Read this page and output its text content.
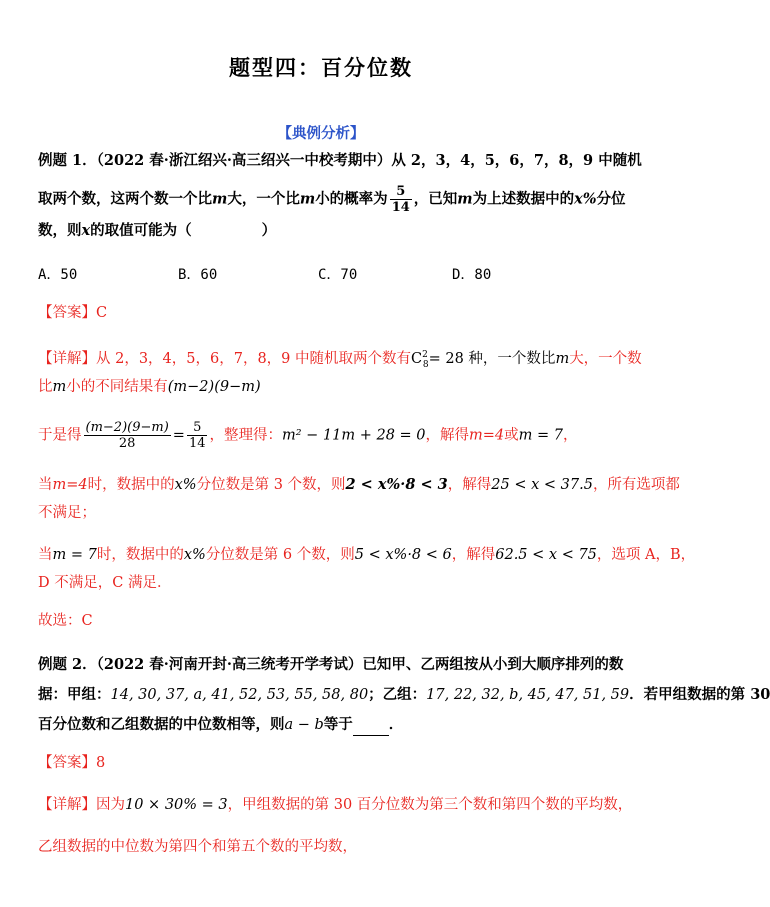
题型四：百分位数
【典例分析】
例题 1．（2022 春·浙江绍兴·高三绍兴一中校考期中）从 2，3，4，5，6，7，8，9 中随机
取两个数，这两个数一个比m大，一个比m小的概率为 $\frac{5}{14}$ ，已知m为上述数据中的x%分位
数，则x的取值可能为（	）
A．50	B．60	C．70	D．80
【答案】C
【详解】从 2，3，4，5，6，7，8，9 中随机取两个数有$C^2_8= 28$ 种，一个数比m大，一个数
比m小的不同结果有(m−2)(9−m)
于是得 $\frac{(m-2)(9-m)}{28} = \frac{5}{14}$ ，整理得：m² − 11m + 28 = 0，解得m=4或m = 7，
当m=4时，数据中的x%分位数是第 3 个数，则2 < x%·8 < 3，解得25 < x < 37.5，所有选项都
不满足；
当m = 7时，数据中的x%分位数是第 6 个数，则5 < x%·8 < 6，解得62.5 < x < 75，选项 A，B，
D 不满足，C 满足．
故选：C
例题 2．（2022 春·河南开封·高三统考开学考试）已知甲、乙两组按从小到大顺序排列的数
据：甲组：14, 30, 37, a, 41, 52, 53, 55, 58, 80；乙组：17, 22, 32, b, 45, 47, 51, 59．若甲组数据的第 30
百分位数和乙组数据的中位数相等，则a − b等于 ．
【答案】8
【详解】因为10 × 30% = 3，甲组数据的第 30 百分位数为第三个数和第四个数的平均数，
乙组数据的中位数为第四个和第五个数的平均数，
